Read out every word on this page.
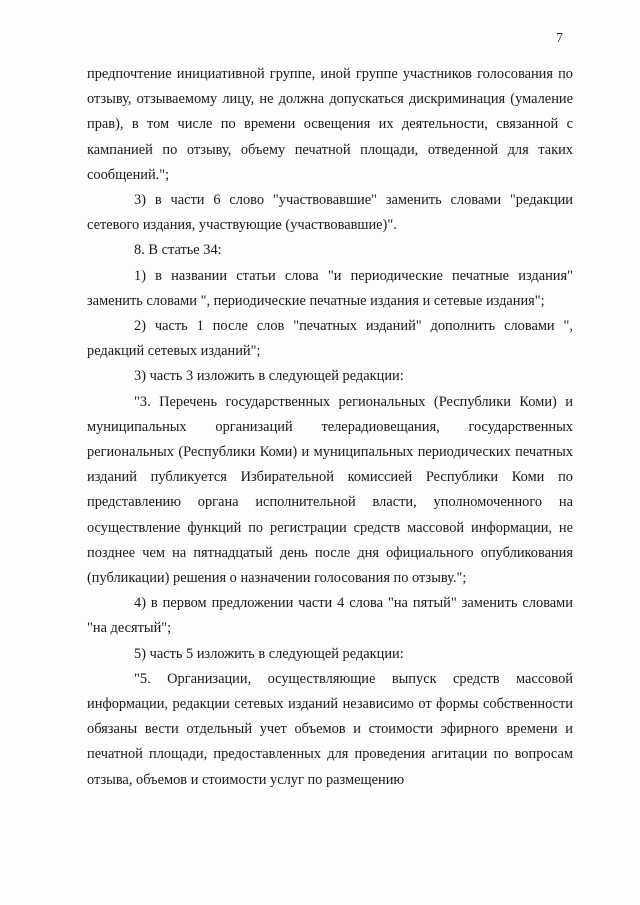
7

предпочтение инициативной группе, иной группе участников голосования по отзыву, отзываемому лицу, не должна допускаться дискриминация (умаление прав), в том числе по времени освещения их деятельности, связанной с кампанией по отзыву, объему печатной площади, отведенной для таких сообщений.";

3) в части 6 слово "участвовавшие" заменить словами "редакции сетевого издания, участвующие (участвовавшие)".

8. В статье 34:

1) в названии статьи слова "и периодические печатные издания" заменить словами ", периодические печатные издания и сетевые издания";

2) часть 1 после слов "печатных изданий" дополнить словами ", редакций сетевых изданий";

3) часть 3 изложить в следующей редакции:

"3. Перечень государственных региональных (Республики Коми) и муниципальных организаций телерадиовещания, государственных региональных (Республики Коми) и муниципальных периодических печатных изданий публикуется Избирательной комиссией Республики Коми по представлению органа исполнительной власти, уполномоченного на осуществление функций по регистрации средств массовой информации, не позднее чем на пятнадцатый день после дня официального опубликования (публикации) решения о назначении голосования по отзыву.";

4) в первом предложении части 4 слова "на пятый" заменить словами "на десятый";

5) часть 5 изложить в следующей редакции:

"5. Организации, осуществляющие выпуск средств массовой информации, редакции сетевых изданий независимо от формы собственности обязаны вести отдельный учет объемов и стоимости эфирного времени и печатной площади, предоставленных для проведения агитации по вопросам отзыва, объемов и стоимости услуг по размещению
